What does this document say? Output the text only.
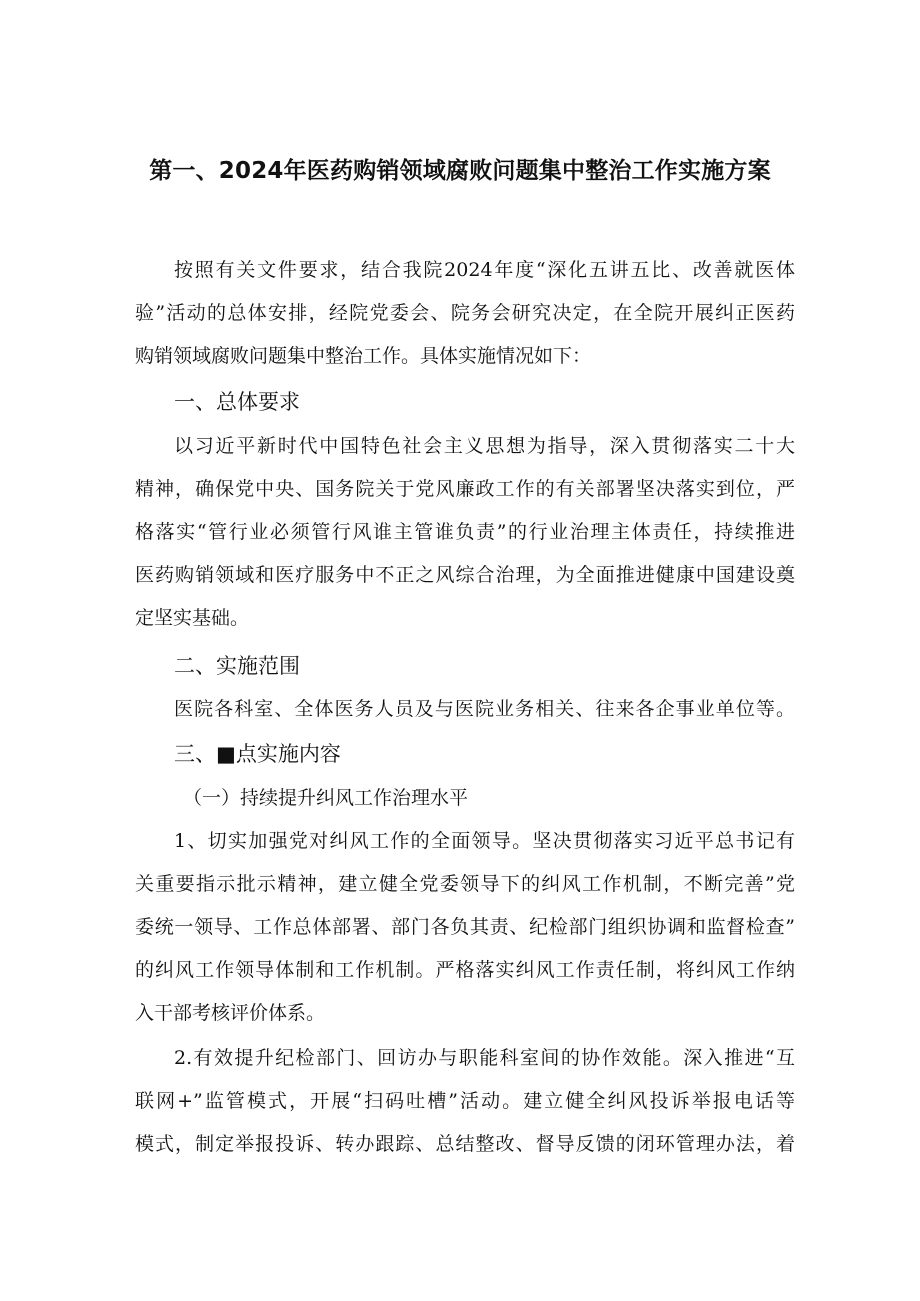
第一、2024年医药购销领域腐败问题集中整治工作实施方案
按照有关文件要求，结合我院2024年度“深化五讲五比、改善就医体
验”活动的总体安排，经院党委会、院务会研究决定，在全院开展纠正医药
购销领域腐败问题集中整治工作。具体实施情况如下：
一、总体要求
以习近平新时代中国特色社会主义思想为指导，深入贯彻落实二十大
精神，确保党中央、国务院关于党风廉政工作的有关部署坚决落实到位，严
格落实“管行业必须管行风谁主管谁负责”的行业治理主体责任，持续推进
医药购销领域和医疗服务中不正之风综合治理，为全面推进健康中国建设奠
定坚实基础。
二、实施范围
医院各科室、全体医务人员及与医院业务相关、往来各企事业单位等。
三、■点实施内容
（一）持续提升纠风工作治理水平
1、切实加强党对纠风工作的全面领导。坚决贯彻落实习近平总书记有
关重要指示批示精神，建立健全党委领导下的纠风工作机制，不断完善”党
委统一领导、工作总体部署、部门各负其责、纪检部门组织协调和监督检查”
的纠风工作领导体制和工作机制。严格落实纠风工作责任制，将纠风工作纳
入干部考核评价体系。
2.有效提升纪检部门、回访办与职能科室间的协作效能。深入推进“互
联网+”监管模式，开展“扫码吐槽”活动。建立健全纠风投诉举报电话等
模式，制定举报投诉、转办跟踪、总结整改、督导反馈的闭环管理办法，着
